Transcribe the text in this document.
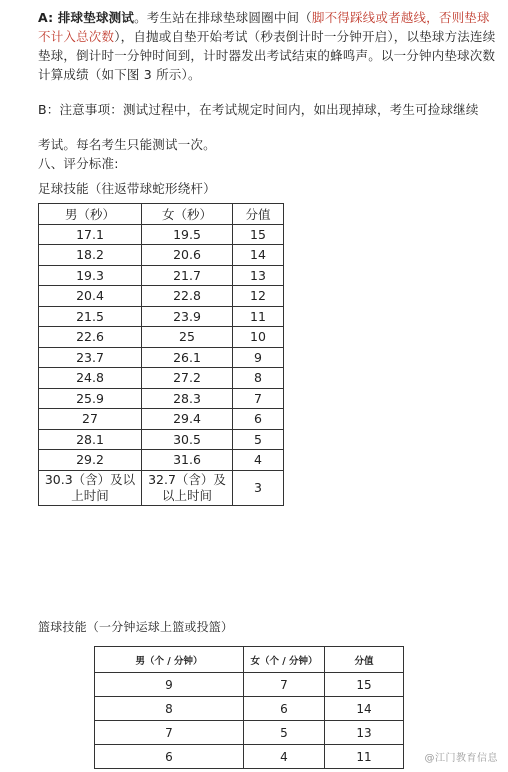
A: 排球垫球测试。考生站在排球垫球圆圈中间（脚不得踩线或者越线，否则垫球不计入总次数），自抛或自垫开始考试（秒表倒计时一分钟开启），以垫球方法连续垫球，倒计时一分钟时间到，计时器发出考试结束的蜂鸣声。以一分钟内垫球次数计算成绩（如下图 3 所示）。
B：注意事项：测试过程中，在考试规定时间内，如出现掉球，考生可捡球继续
考试。每名考生只能测试一次。
八、评分标准:
足球技能（往返带球蛇形绕杆）
男（秒）	女（秒）	分值
17.1	19.5	15
18.2	20.6	14
19.3	21.7	13
20.4	22.8	12
21.5	23.9	11
22.6	25	10
23.7	26.1	9
24.8	27.2	8
25.9	28.3	7
27	29.4	6
28.1	30.5	5
29.2	31.6	4
30.3（含）及以
上时间	32.7（含）及
以上时间	3
篮球技能（一分钟运球上篮或投篮）
男（个 / 分钟）	女（个 / 分钟）	分值
9	7	15
8	6	14
7	5	13
6	4	11	@江门教育信息
